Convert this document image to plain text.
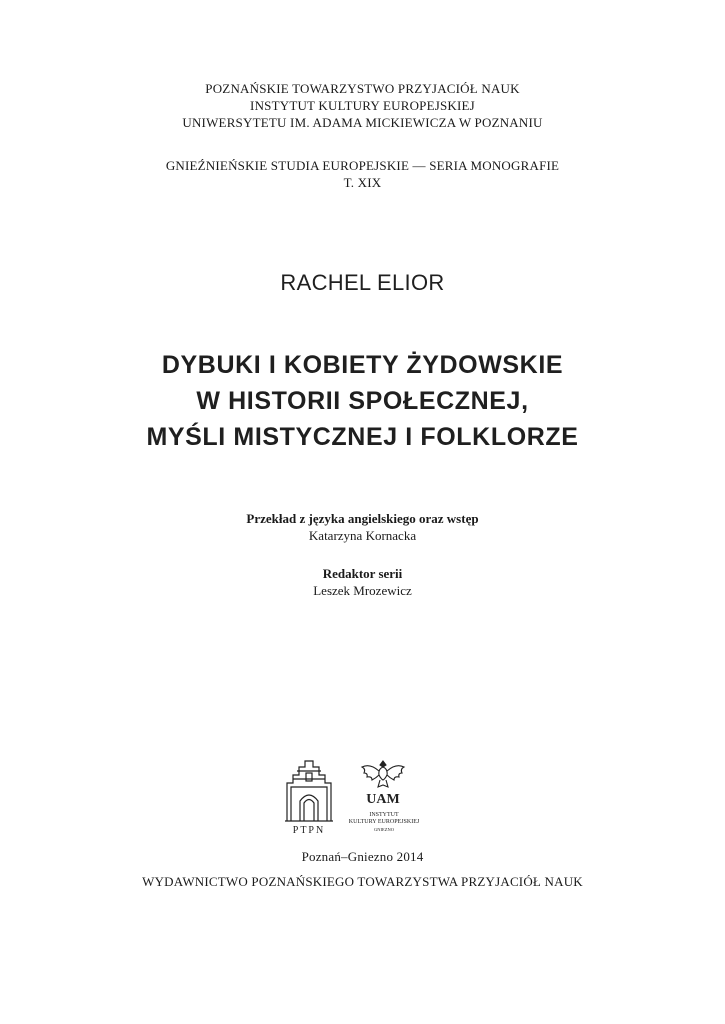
POZNAŃSKIE TOWARZYSTWO PRZYJACIÓŁ NAUK
INSTYTUT KULTURY EUROPEJSKIEJ
UNIWERSYTETU IM. ADAMA MICKIEWICZA W POZNANIU
GNIEŹNIEŃSKIE STUDIA EUROPEJSKIE — SERIA MONOGRAFIE
T. XIX
RACHEL ELIOR
DYBUKI I KOBIETY ŻYDOWSKIE
W HISTORII SPOŁECZNEJ,
MYŚLI MISTYCZNEJ I FOLKLORZE
Przekład z języka angielskiego oraz wstęp
Katarzyna Kornacka
Redaktor serii
Leszek Mrozewicz
PTPN
UAM
INSTYTUT
KULTURY EUROPEJSKIEJ
GNIEZNO
Poznań–Gniezno 2014
WYDAWNICTWO POZNAŃSKIEGO TOWARZYSTWA PRZYJACIÓŁ NAUK
